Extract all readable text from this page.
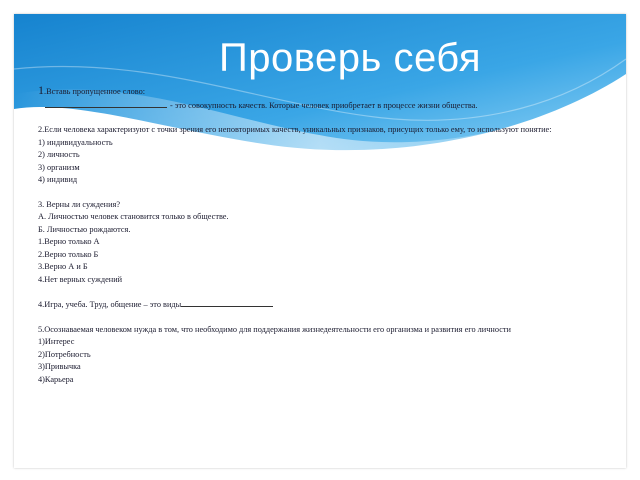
Проверь себя
1.Вставь пропущенное слово:
- это совокупность качеств. Которые человек приобретает в процессе жизни общества.
2.Если человека характеризуют с точки зрения его неповторимых качеств, уникальных признаков, присущих только ему, то используют понятие:
1) индивидуальность
2) личность
3) организм
4) индивид
3. Верны ли суждения?
А. Личностью человек становится только в обществе.
Б. Личностью рождаются.
1.Верно только А
2.Верно только Б
3.Верно А и Б
4.Нет верных суждений
4.Игра, учеба. Труд, общение – это виды
5.Осознаваемая человеком нужда в том, что необходимо для поддержания жизнедеятельности его организма и развития его личности
1)Интерес
2)Потребность
3)Привычка
4)Карьера
